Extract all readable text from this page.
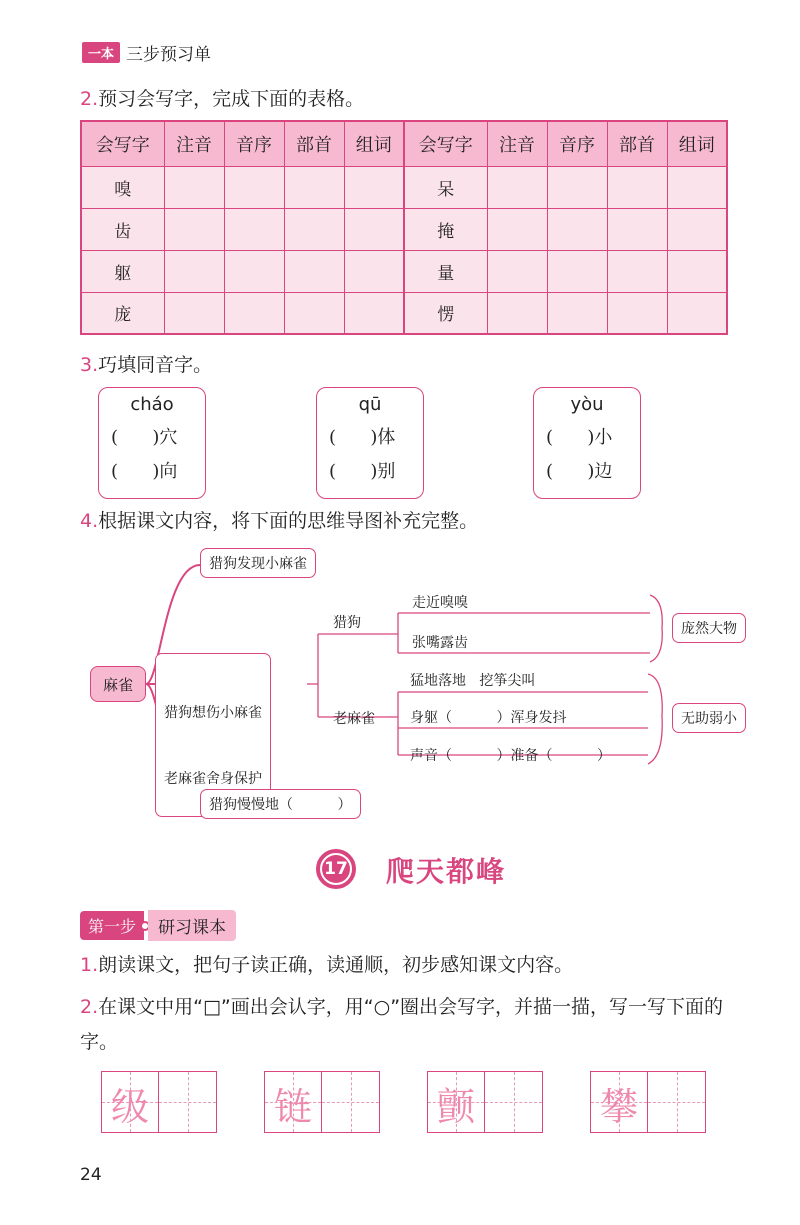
一本 三步预习单
2.预习会写字，完成下面的表格。
会写字	注音	音序	部首	组词	会写字	注音	音序	部首	组词
嗅					呆				
齿					掩				
躯					量				
庞					愣				
3.巧填同音字。
cháo
(      )穴
(      )向
qū
(      )体
(      )别
yòu
(      )小
(      )边
4.根据课文内容，将下面的思维导图补充完整。
麻雀
猎狗发现小麻雀

猎狗想伤小麻雀

老麻雀舍身保护

猎狗慢慢地（          ）
猎狗
走近嗅嗅
张嘴露齿
庞然大物
老麻雀
猛地落地   挖筝尖叫
身躯（          ）浑身发抖
声音（          ）准备（          ）
无助弱小
17 爬天都峰
第一步	研习课本
1.朗读课文，把句子读正确，读通顺，初步感知课文内容。
2.在课文中用“□”画出会认字，用“○”圈出会写字，并描一描，写一写下面的字。
级	链	颤	攀
24
